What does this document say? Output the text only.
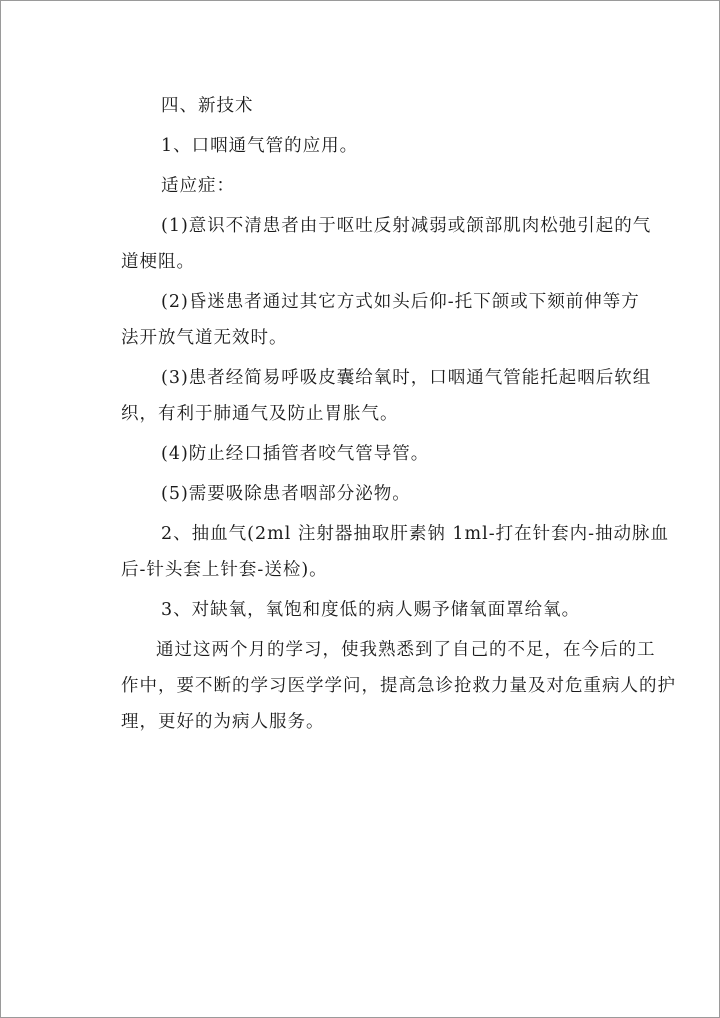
四、新技术
1、口咽通气管的应用。
适应症：
(1)意识不清患者由于呕吐反射减弱或颌部肌肉松弛引起的气
道梗阻。
(2)昏迷患者通过其它方式如头后仰-托下颌或下颏前伸等方
法开放气道无效时。
(3)患者经简易呼吸皮囊给氧时，口咽通气管能托起咽后软组
织，有利于肺通气及防止胃胀气。
(4)防止经口插管者咬气管导管。
(5)需要吸除患者咽部分泌物。
2、抽血气(2ml 注射器抽取肝素钠 1ml-打在针套内-抽动脉血
后-针头套上针套-送检)。
3、对缺氧，氧饱和度低的病人赐予储氧面罩给氧。
通过这两个月的学习，使我熟悉到了自己的不足，在今后的工
作中，要不断的学习医学学问，提高急诊抢救力量及对危重病人的护
理，更好的为病人服务。
